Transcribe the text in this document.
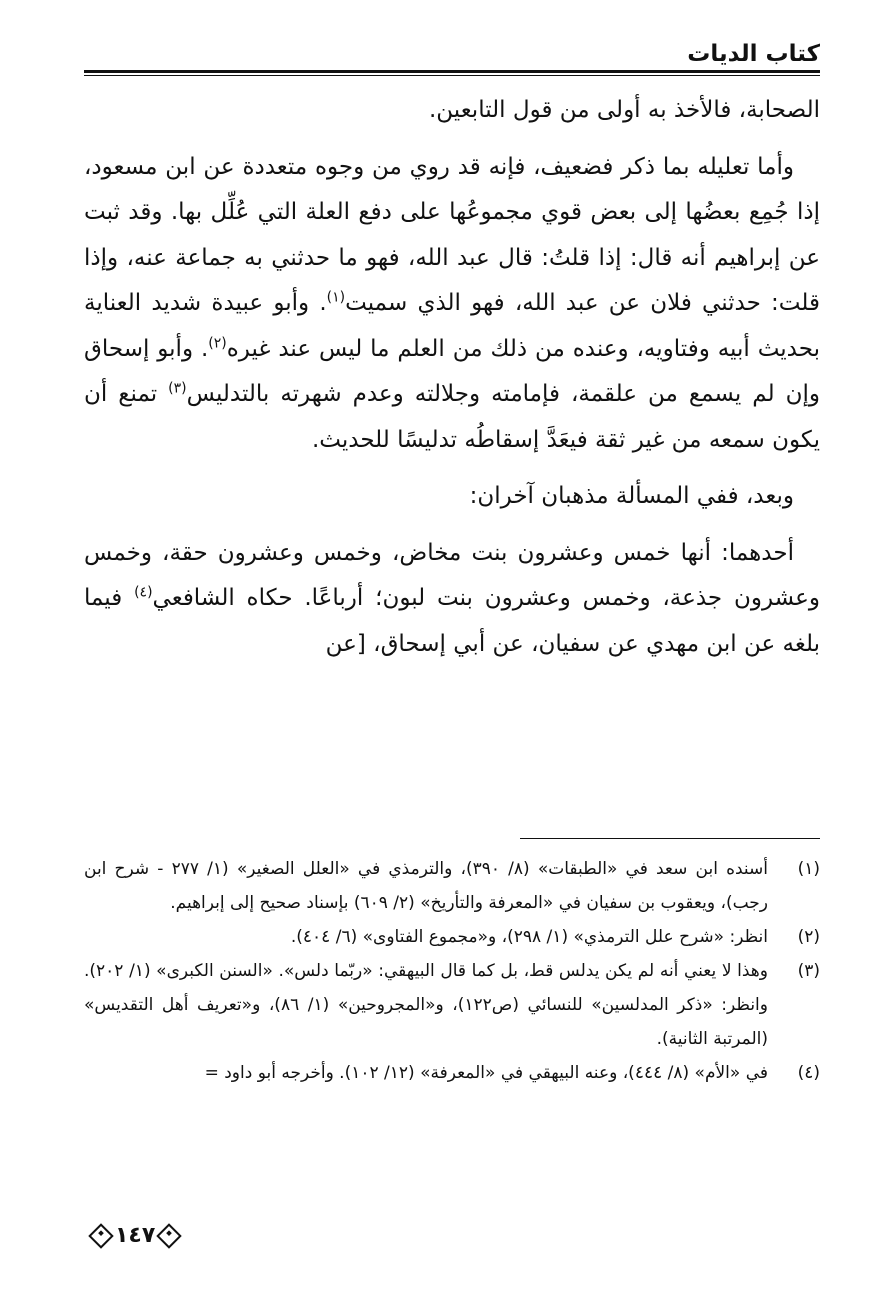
كتاب الديات

الصحابة، فالأخذ به أولى من قول التابعين.

وأما تعليله بما ذكر فضعيف، فإنه قد روي من وجوه متعددة عن ابن مسعود، إذا جُمِع بعضُها إلى بعض قوي مجموعُها على دفع العلة التي عُلِّل بها. وقد ثبت عن إبراهيم أنه قال: إذا قلتُ: قال عبد الله، فهو ما حدثني به جماعة عنه، وإذا قلت: حدثني فلان عن عبد الله، فهو الذي سميت$^{(١)}$. وأبو عبيدة شديد العناية بحديث أبيه وفتاويه، وعنده من ذلك من العلم ما ليس عند غيره$^{(٢)}$. وأبو إسحاق وإن لم يسمع من علقمة، فإمامته وجلالته وعدم شهرته بالتدليس$^{(٣)}$ تمنع أن يكون سمعه من غير ثقة فيعَدَّ إسقاطُه تدليسًا للحديث.

وبعد، ففي المسألة مذهبان آخران:

أحدهما: أنها خمس وعشرون بنت مخاض، وخمس وعشرون حقة، وخمس وعشرون جذعة، وخمس وعشرون بنت لبون؛ أرباعًا. حكاه الشافعي$^{(٤)}$ فيما بلغه عن ابن مهدي عن سفيان، عن أبي إسحاق، [عن

(١)
أسنده ابن سعد في «الطبقات» (٨/ ٣٩٠)، والترمذي في «العلل الصغير» (١/ ٢٧٧ - شرح ابن رجب)، ويعقوب بن سفيان في «المعرفة والتأريخ» (٢/ ٦٠٩) بإسناد صحيح إلى إبراهيم.
(٢)
انظر: «شرح علل الترمذي» (١/ ٢٩٨)، و«مجموع الفتاوى» (٦/ ٤٠٤).
(٣)
وهذا لا يعني أنه لم يكن يدلس قط، بل كما قال البيهقي: «ربّما دلس». «السنن الكبرى» (١/ ٢٠٢). وانظر: «ذكر المدلسين» للنسائي (ص١٢٢)، و«المجروحين» (١/ ٨٦)، و«تعريف أهل التقديس» (المرتبة الثانية).
(٤)
في «الأم» (٨/ ٤٤٤)، وعنه البيهقي في «المعرفة» (١٢/ ١٠٢). وأخرجه أبو داود =
١٤٧
